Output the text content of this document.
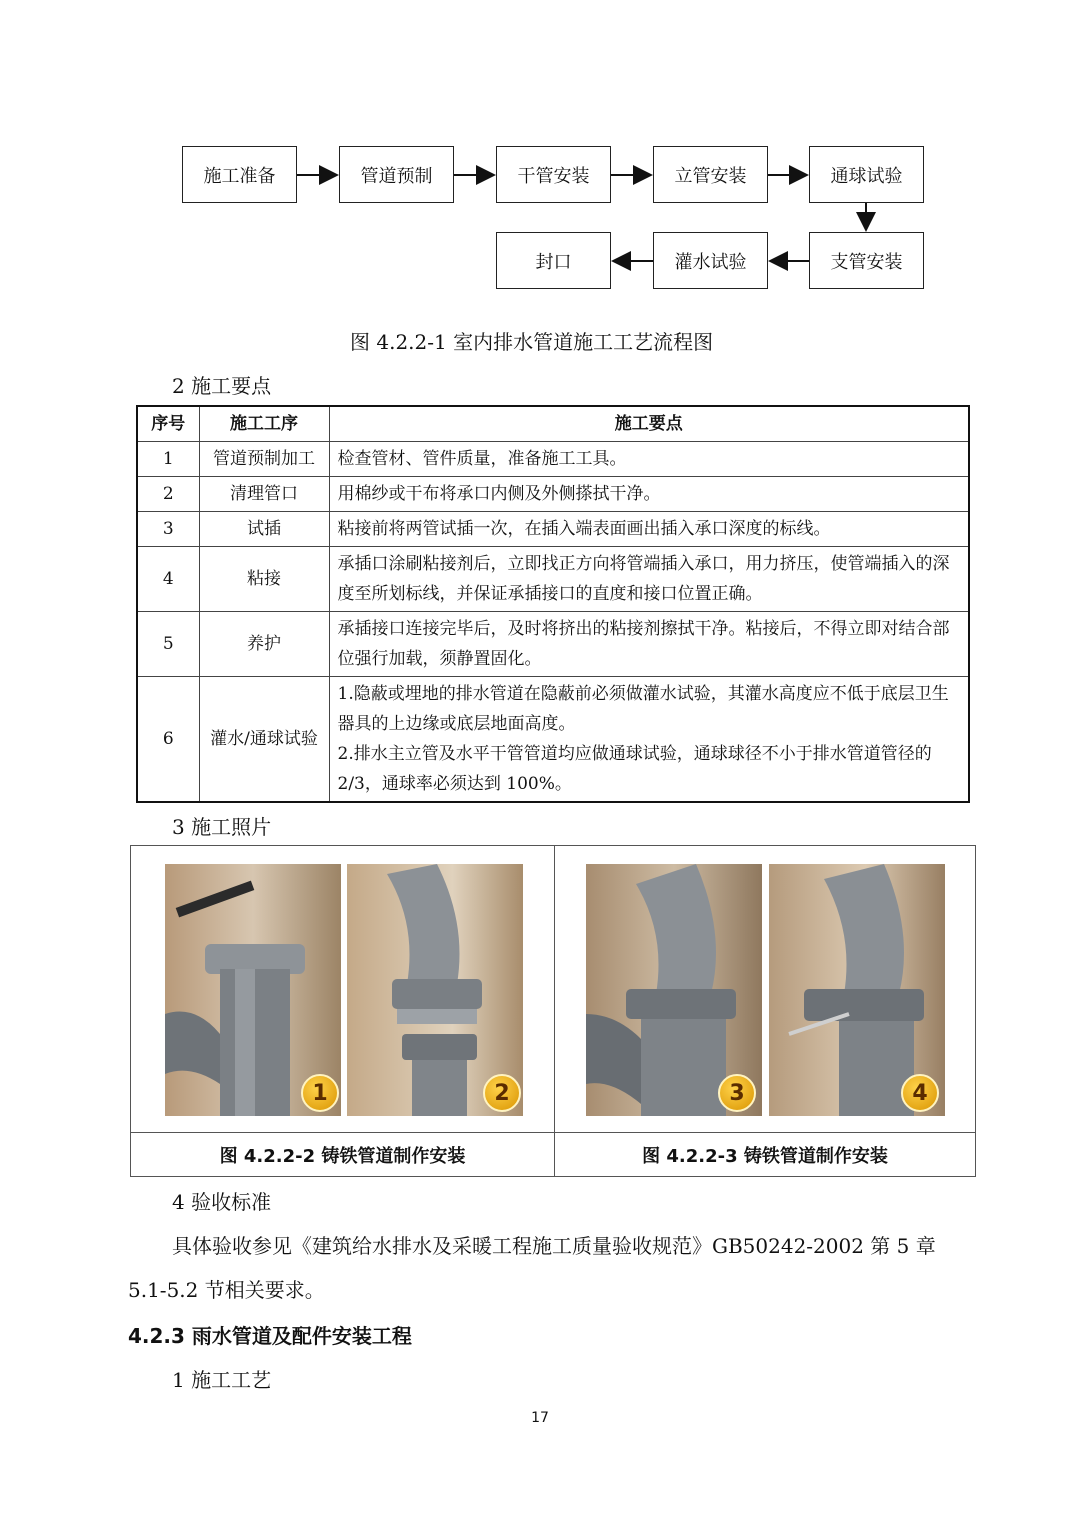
施工准备	管道预制	干管安装	立管安装	通球试验
支管安装
灌水试验
封口
图 4.2.2-1 室内排水管道施工工艺流程图
2 施工要点
序号	施工工序	施工要点
1	管道预制加工	检查管材、管件质量，准备施工工具。
2	清理管口	用棉纱或干布将承口内侧及外侧搽拭干净。
3	试插	粘接前将两管试插一次，在插入端表面画出插入承口深度的标线。
4	粘接	承插口涂刷粘接剂后，立即找正方向将管端插入承口，用力挤压，使管端插入的深度至所划标线，并保证承插接口的直度和接口位置正确。
5	养护	承插接口连接完毕后，及时将挤出的粘接剂擦拭干净。粘接后，不得立即对结合部位强行加载，须静置固化。
6	灌水/通球试验	1.隐蔽或埋地的排水管道在隐蔽前必须做灌水试验，其灌水高度应不低于底层卫生器具的上边缘或底层地面高度。
2.排水主立管及水平干管管道均应做通球试验，通球球径不小于排水管道管径的 2/3，通球率必须达到 100%。
3 施工照片
1	2	3	4
图 4.2.2-2 铸铁管道制作安装	图 4.2.2-3 铸铁管道制作安装
4 验收标准
具体验收参见《建筑给水排水及采暖工程施工质量验收规范》GB50242-2002 第 5 章 5.1-5.2 节相关要求。
4.2.3 雨水管道及配件安装工程
1 施工工艺
17
